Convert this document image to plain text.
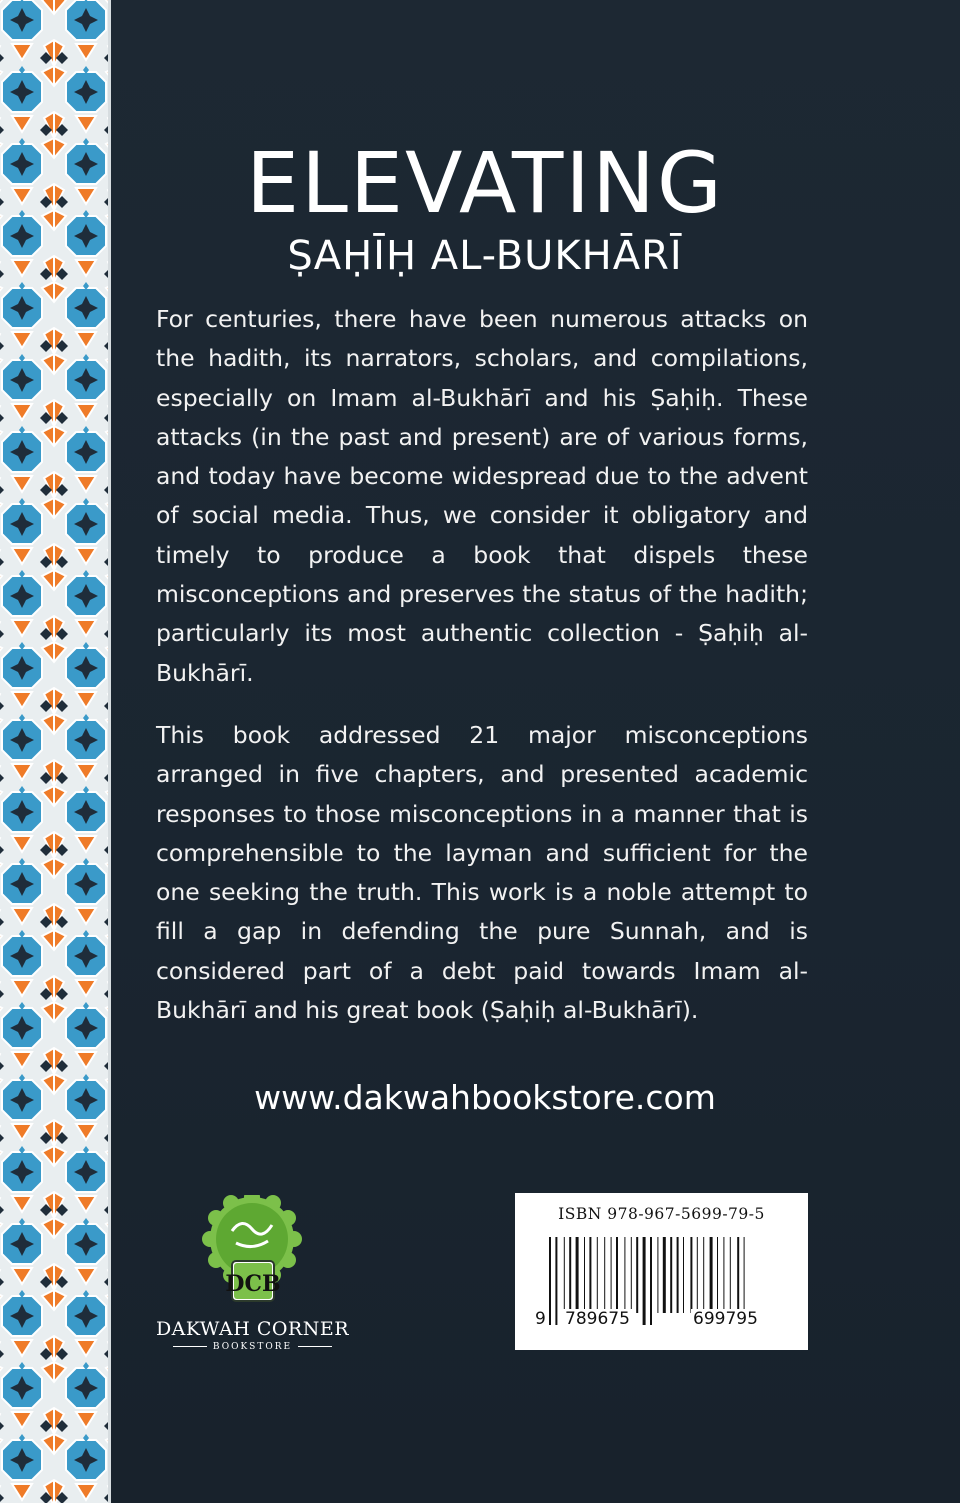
ELEVATING
ṢAḤĪḤ AL-BUKHĀRĪ

For centuries, there have been numerous attacks on the hadith, its narrators, scholars, and compilations, especially on Imam al-Bukhārī and his Ṣaḥiḥ. These attacks (in the past and present) are of various forms, and today have become widespread due to the advent of social media. Thus, we consider it obligatory and timely to produce a book that dispels these misconceptions and preserves the status of the hadith; particularly its most authentic collection - Ṣaḥiḥ al-Bukhārī.

This book addressed 21 major misconceptions arranged in five chapters, and presented academic responses to those misconceptions in a manner that is comprehensible to the layman and sufficient for the one seeking the truth. This work is a noble attempt to fill a gap in defending the pure Sunnah, and is considered part of a debt paid towards Imam al-Bukhārī and his great book (Ṣaḥiḥ al-Bukhārī).

www.dakwahbookstore.com
DCB
DAKWAH CORNER
BOOKSTORE
ISBN 978-967-5699-79-5
9 789675	699795
